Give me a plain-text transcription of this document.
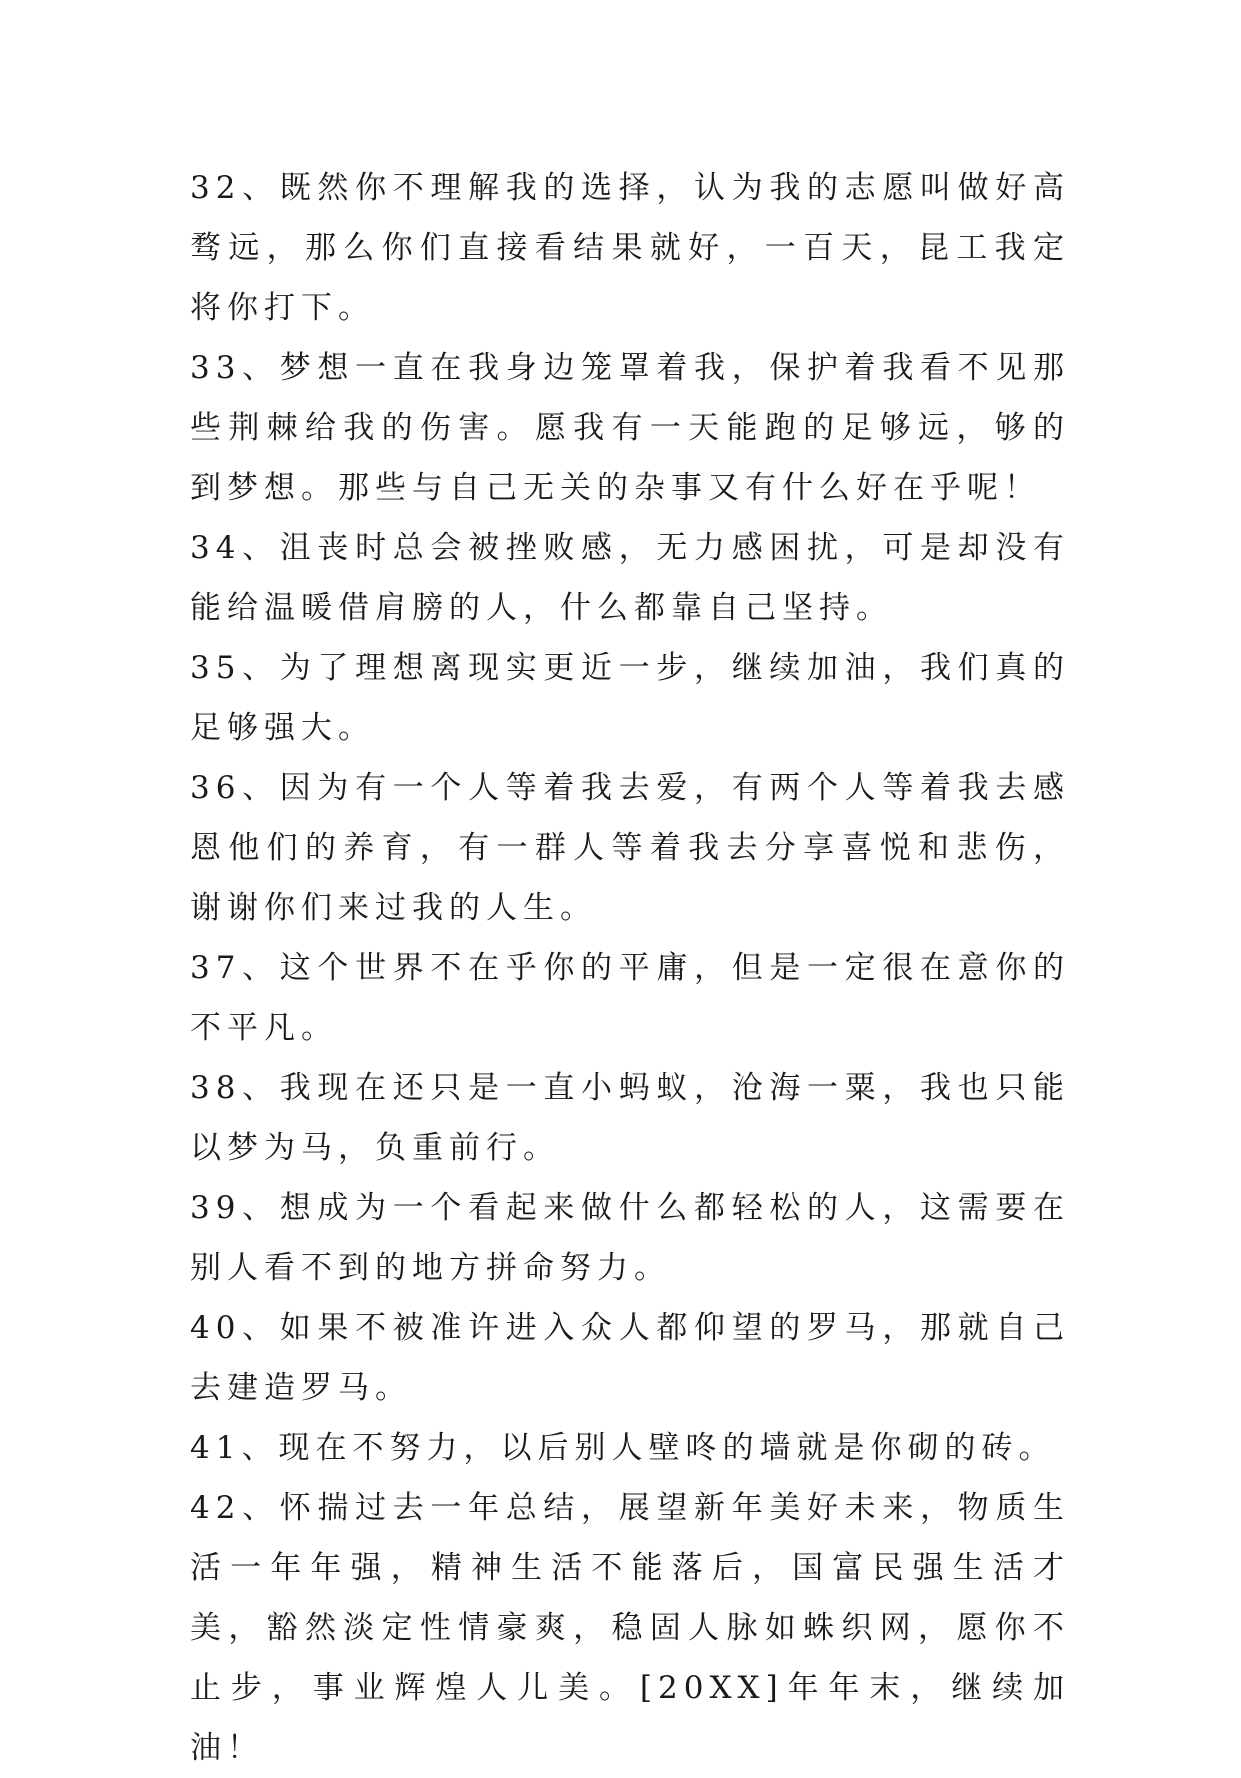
32、既然你不理解我的选择，认为我的志愿叫做好高骛远，那么你们直接看结果就好，一百天，昆工我定将你打下。

33、梦想一直在我身边笼罩着我，保护着我看不见那些荆棘给我的伤害。愿我有一天能跑的足够远，够的到梦想。那些与自己无关的杂事又有什么好在乎呢！

34、沮丧时总会被挫败感，无力感困扰，可是却没有能给温暖借肩膀的人，什么都靠自己坚持。

35、为了理想离现实更近一步，继续加油，我们真的足够强大。

36、因为有一个人等着我去爱，有两个人等着我去感恩他们的养育，有一群人等着我去分享喜悦和悲伤，谢谢你们来过我的人生。

37、这个世界不在乎你的平庸，但是一定很在意你的不平凡。

38、我现在还只是一直小蚂蚁，沧海一粟，我也只能以梦为马，负重前行。

39、想成为一个看起来做什么都轻松的人，这需要在别人看不到的地方拼命努力。

40、如果不被准许进入众人都仰望的罗马，那就自己去建造罗马。

41、现在不努力，以后别人壁咚的墙就是你砌的砖。

42、怀揣过去一年总结，展望新年美好未来，物质生活一年年强，精神生活不能落后，国富民强生活才美，豁然淡定性情豪爽，稳固人脉如蛛织网，愿你不止步，事业辉煌人儿美。[20XX]年年末，继续加油！
